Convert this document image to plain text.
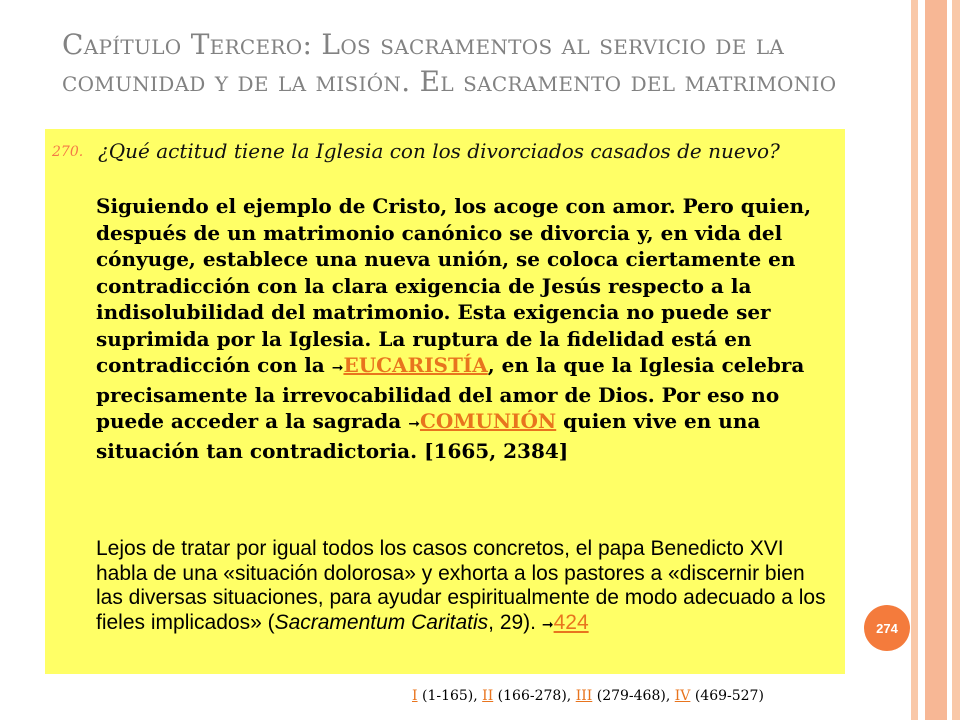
Capítulo Tercero: Los sacramentos al servicio de la comunidad y de la misión. El sacramento del matrimonio
270. ¿Qué actitud tiene la Iglesia con los divorciados casados de nuevo?
Siguiendo el ejemplo de Cristo, los acoge con amor. Pero quien, después de un matrimonio canónico se divorcia y, en vida del cónyuge, establece una nueva unión, se coloca ciertamente en contradicción con la clara exigencia de Jesús respecto a la indisolubilidad del matrimonio. Esta exigencia no puede ser suprimida por la Iglesia. La ruptura de la fidelidad está en contradicción con la ➞EUCARISTÍA, en la que la Iglesia celebra precisamente la irrevocabilidad del amor de Dios. Por eso no puede acceder a la sagrada ➞COMUNIÓN quien vive en una situación tan contradictoria. [1665, 2384]
Lejos de tratar por igual todos los casos concretos, el papa Benedicto XVI habla de una «situación dolorosa» y exhorta a los pastores a «discernir bien las diversas situaciones, para ayudar espiritualmente de modo adecuado a los fieles implicados» (Sacramentum Caritatis, 29). ➞424	274
I (1-165), II (166-278), III (279-468), IV (469-527)
